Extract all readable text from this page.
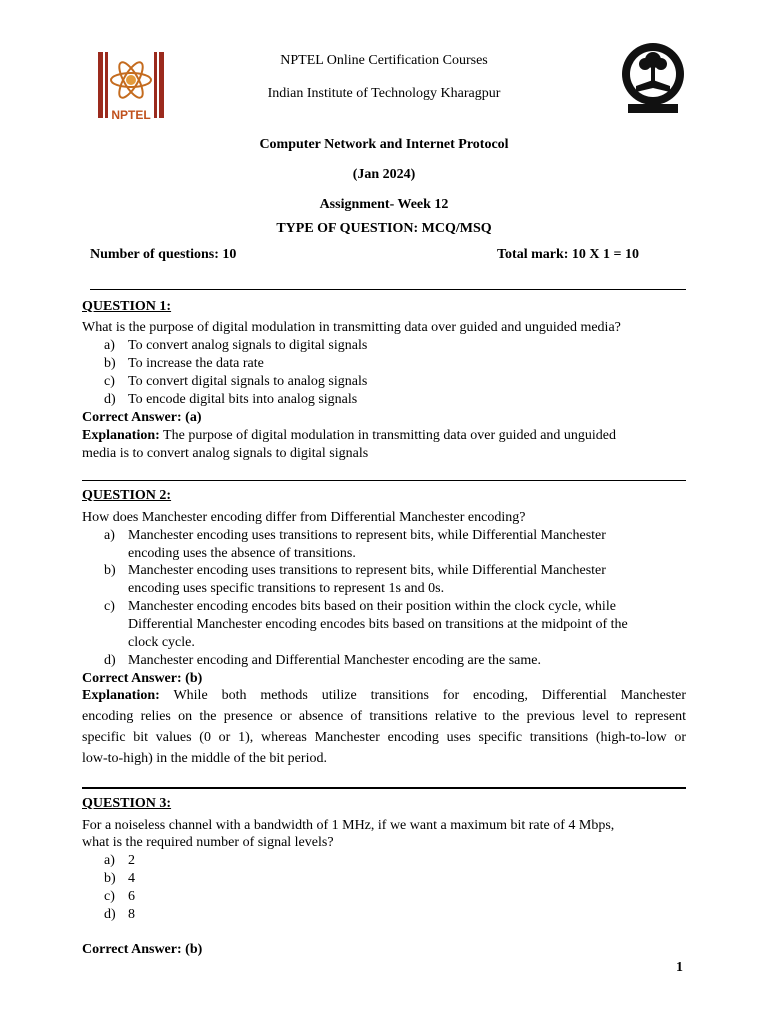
NPTEL
NPTEL Online Certification Courses
Indian Institute of Technology Kharagpur
Computer Network and Internet Protocol
(Jan 2024)
Assignment- Week 12
TYPE OF QUESTION: MCQ/MSQ
Number of questions: 10	Total mark: 10 X 1 = 10
QUESTION 1:
What is the purpose of digital modulation in transmitting data over guided and unguided media?
a) To convert analog signals to digital signals
b) To increase the data rate
c) To convert digital signals to analog signals
d) To encode digital bits into analog signals
Correct Answer: (a)
Explanation: The purpose of digital modulation in transmitting data over guided and unguided
media is to convert analog signals to digital signals
QUESTION 2:
How does Manchester encoding differ from Differential Manchester encoding?
a) Manchester encoding uses transitions to represent bits, while Differential Manchester
encoding uses the absence of transitions.
b) Manchester encoding uses transitions to represent bits, while Differential Manchester
encoding uses specific transitions to represent 1s and 0s.
c) Manchester encoding encodes bits based on their position within the clock cycle, while
Differential Manchester encoding encodes bits based on transitions at the midpoint of the
clock cycle.
d) Manchester encoding and Differential Manchester encoding are the same.
Correct Answer: (b)
Explanation: While both methods utilize transitions for encoding, Differential Manchester
encoding relies on the presence or absence of transitions relative to the previous level to represent
specific bit values (0 or 1), whereas Manchester encoding uses specific transitions (high-to-low or
low-to-high) in the middle of the bit period.
QUESTION 3:
For a noiseless channel with a bandwidth of 1 MHz, if we want a maximum bit rate of 4 Mbps,
what is the required number of signal levels?
a) 2
b) 4
c) 6
d) 8
Correct Answer: (b)
1
